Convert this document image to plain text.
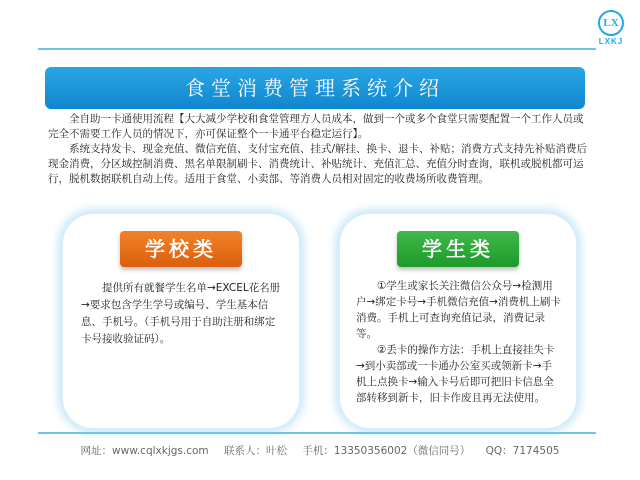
LX
LXKJ
食堂消费管理系统介绍

全自助一卡通使用流程【大大减少学校和食堂管理方人员成本，做到一个或多个食堂只需要配置一个工作人员或完全不需要工作人员的情况下，亦可保证整个一卡通平台稳定运行】。

系统支持发卡、现金充值、微信充值、支付宝充值、挂式/解挂、换卡、退卡、补贴；消费方式支持先补贴消费后现金消费，分区域控制消费、黑名单限制刷卡、消费统计、补贴统计、充值汇总、充值分时查询，联机或脱机都可运行，脱机数据联机自动上传。适用于食堂、小卖部、等消费人员相对固定的收费场所收费管理。

学校类

提供所有就餐学生名单→EXCEL花名册→要求包含学生学号或编号、学生基本信息、手机号。（手机号用于自助注册和绑定卡号接收验证码）。

学生类

①学生或家长关注微信公众号→检测用户→绑定卡号→手机微信充值→消费机上刷卡消费。手机上可查询充值记录，消费记录等。

②丢卡的操作方法：手机上直接挂失卡→到小卖部或一卡通办公室买或领新卡→手机上点换卡→输入卡号后即可把旧卡信息全部转移到新卡，旧卡作废且再无法使用。

网址：www.cqlxkjgs.com 联系人：叶松 手机：13350356002（微信同号） QQ：7174505
